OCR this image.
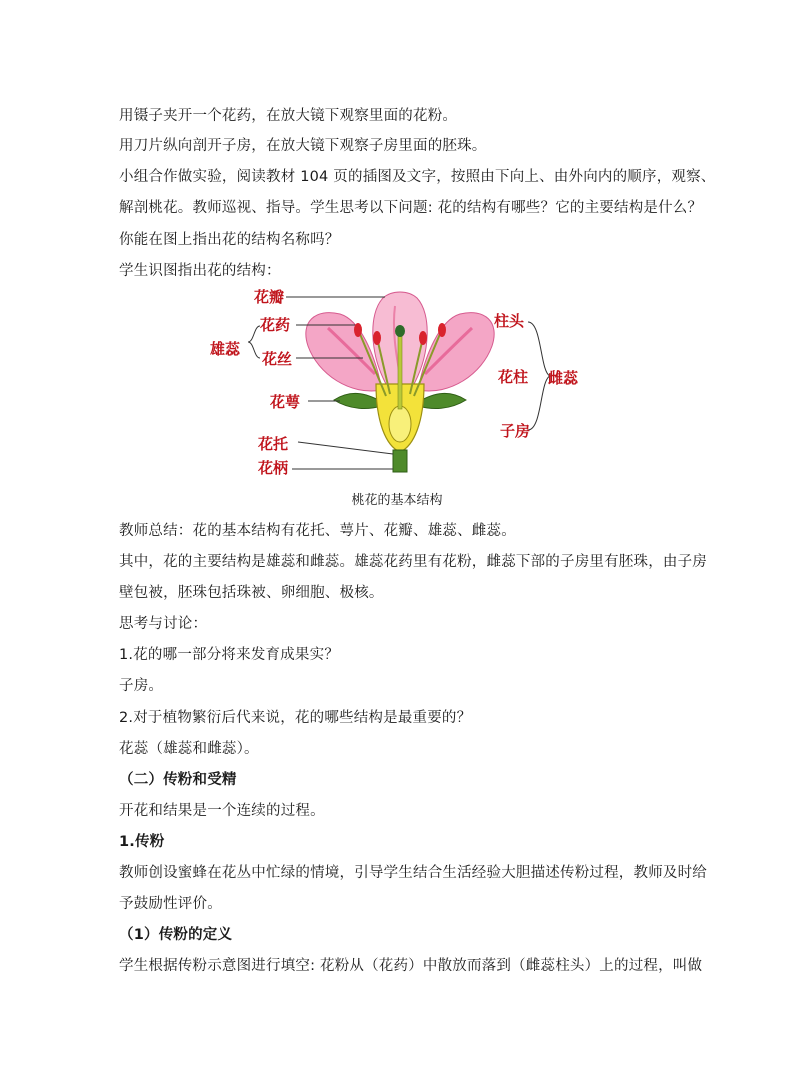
用镊子夹开一个花药，在放大镜下观察里面的花粉。
用刀片纵向剖开子房，在放大镜下观察子房里面的胚珠。
小组合作做实验，阅读教材 104 页的插图及文字，按照由下向上、由外向内的顺序，观察、
解剖桃花。教师巡视、指导。学生思考以下问题: 花的结构有哪些？它的主要结构是什么？
你能在图上指出花的结构名称吗？
学生识图指出花的结构：
花瓣
花药
雄蕊
花丝
花萼
花托
花柄
柱头
花柱 雌蕊
子房
桃花的基本结构
教师总结：花的基本结构有花托、萼片、花瓣、雄蕊、雌蕊。
其中，花的主要结构是雄蕊和雌蕊。雄蕊花药里有花粉，雌蕊下部的子房里有胚珠，由子房
壁包被，胚珠包括珠被、卵细胞、极核。
思考与讨论：
1.花的哪一部分将来发育成果实？
子房。
2.对于植物繁衍后代来说，花的哪些结构是最重要的？
花蕊（雄蕊和雌蕊）。
（二）传粉和受精
开花和结果是一个连续的过程。
1.传粉
教师创设蜜蜂在花丛中忙绿的情境，引导学生结合生活经验大胆描述传粉过程，教师及时给
予鼓励性评价。
（1）传粉的定义
学生根据传粉示意图进行填空: 花粉从（花药）中散放而落到（雌蕊柱头）上的过程，叫做
